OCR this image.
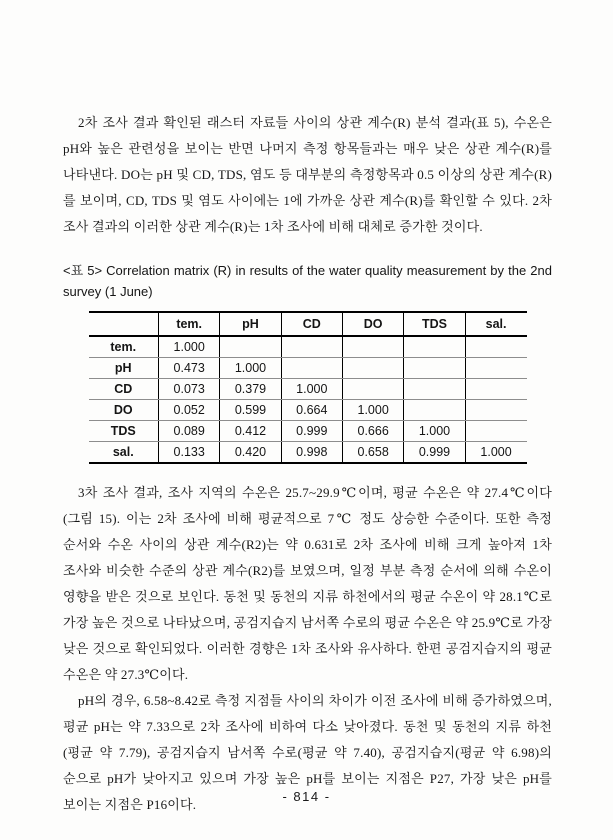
2차 조사 결과 확인된 래스터 자료들 사이의 상관 계수(R) 분석 결과(표 5), 수온은 pH와 높은 관련성을 보이는 반면 나머지 측정 항목들과는 매우 낮은 상관 계수(R)를 나타낸다. DO는 pH 및 CD, TDS, 염도 등 대부분의 측정항목과 0.5 이상의 상관 계수(R)를 보이며, CD, TDS 및 염도 사이에는 1에 가까운 상관 계수(R)를 확인할 수 있다. 2차 조사 결과의 이러한 상관 계수(R)는 1차 조사에 비해 대체로 증가한 것이다.

<표 5> Correlation matrix (R) in results of the water quality measurement by the 2nd survey (1 June)

	tem.	pH	CD	DO	TDS	sal.
tem.	1.000					
pH	0.473	1.000				
CD	0.073	0.379	1.000			
DO	0.052	0.599	0.664	1.000		
TDS	0.089	0.412	0.999	0.666	1.000	
sal.	0.133	0.420	0.998	0.658	0.999	1.000

3차 조사 결과, 조사 지역의 수온은 25.7~29.9℃이며, 평균 수온은 약 27.4℃이다(그림 15). 이는 2차 조사에 비해 평균적으로 7℃ 정도 상승한 수준이다. 또한 측정 순서와 수온 사이의 상관 계수(R2)는 약 0.631로 2차 조사에 비해 크게 높아져 1차 조사와 비슷한 수준의 상관 계수(R2)를 보였으며, 일정 부분 측정 순서에 의해 수온이 영향을 받은 것으로 보인다. 동천 및 동천의 지류 하천에서의 평균 수온이 약 28.1℃로 가장 높은 것으로 나타났으며, 공검지습지 남서쪽 수로의 평균 수온은 약 25.9℃로 가장 낮은 것으로 확인되었다. 이러한 경향은 1차 조사와 유사하다. 한편 공검지습지의 평균 수온은 약 27.3℃이다.

pH의 경우, 6.58~8.42로 측정 지점들 사이의 차이가 이전 조사에 비해 증가하였으며, 평균 pH는 약 7.33으로 2차 조사에 비하여 다소 낮아졌다. 동천 및 동천의 지류 하천(평균 약 7.79), 공검지습지 남서쪽 수로(평균 약 7.40), 공검지습지(평균 약 6.98)의 순으로 pH가 낮아지고 있으며 가장 높은 pH를 보이는 지점은 P27, 가장 낮은 pH를 보이는 지점은 P16이다.

- 814 -
